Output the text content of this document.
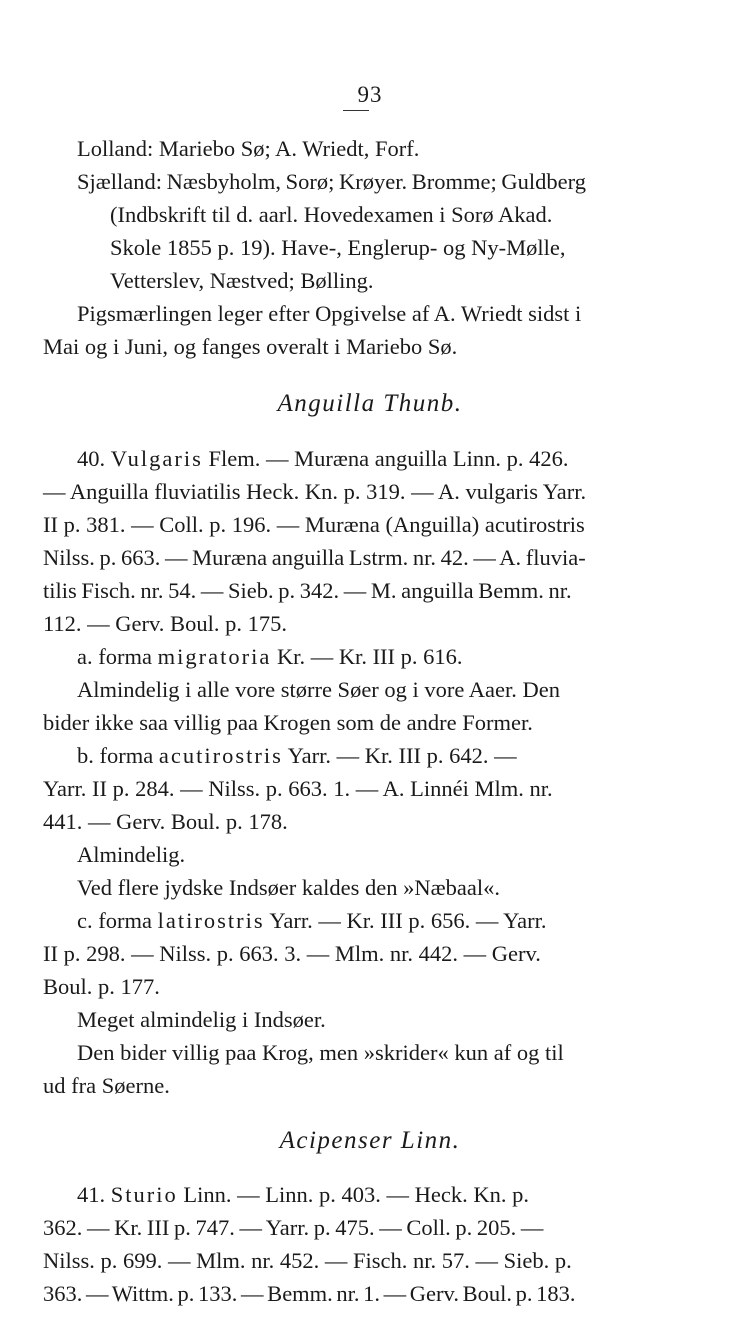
93
Lolland: Mariebo Sø; A. Wriedt, Forf.
Sjælland: Næsbyholm, Sorø; Krøyer. Bromme; Guldberg
(Indbskrift til d. aarl. Hovedexamen i Sorø Akad.
Skole 1855 p. 19). Have-, Englerup- og Ny-Mølle,
Vetterslev, Næstved; Bølling.
Pigsmærlingen leger efter Opgivelse af A. Wriedt sidst i
Mai og i Juni, og fanges overalt i Mariebo Sø.
Anguilla Thunb.
40. Vulgaris Flem. — Muræna anguilla Linn. p. 426.
— Anguilla fluviatilis Heck. Kn. p. 319. — A. vulgaris Yarr.
II p. 381. — Coll. p. 196. — Muræna (Anguilla) acutirostris
Nilss. p. 663. — Muræna anguilla Lstrm. nr. 42. — A. fluvia-
tilis Fisch. nr. 54. — Sieb. p. 342. — M. anguilla Bemm. nr.
112. — Gerv. Boul. p. 175.
a. forma migratoria Kr. — Kr. III p. 616.
Almindelig i alle vore større Søer og i vore Aaer. Den
bider ikke saa villig paa Krogen som de andre Former.
b. forma acutirostris Yarr. — Kr. III p. 642. —
Yarr. II p. 284. — Nilss. p. 663. 1. — A. Linnéi Mlm. nr.
441. — Gerv. Boul. p. 178.
Almindelig.
Ved flere jydske Indsøer kaldes den »Næbaal«.
c. forma latirostris Yarr. — Kr. III p. 656. — Yarr.
II p. 298. — Nilss. p. 663. 3. — Mlm. nr. 442. — Gerv.
Boul. p. 177.
Meget almindelig i Indsøer.
Den bider villig paa Krog, men »skrider« kun af og til
ud fra Søerne.
Acipenser Linn.
41. Sturio Linn. — Linn. p. 403. — Heck. Kn. p.
362. — Kr. III p. 747. — Yarr. p. 475. — Coll. p. 205. —
Nilss. p. 699. — Mlm. nr. 452. — Fisch. nr. 57. — Sieb. p.
363. — Wittm. p. 133. — Bemm. nr. 1. — Gerv. Boul. p. 183.
